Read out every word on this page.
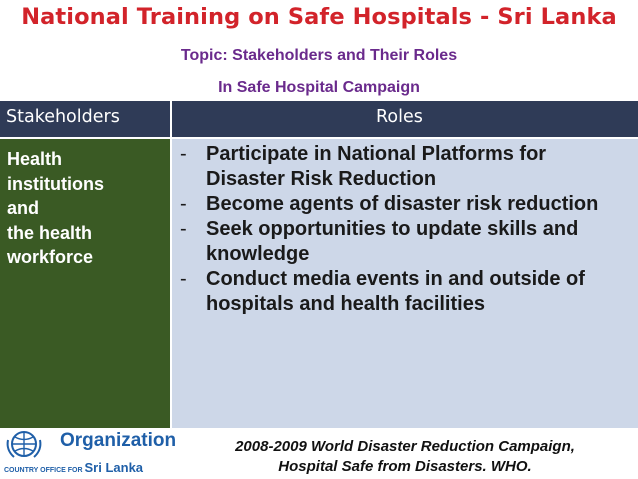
National Training on Safe Hospitals - Sri Lanka
Topic: Stakeholders and Their Roles
In Safe Hospital Campaign
Stakeholders	Roles
Health
institutions
and
the health
workforce
- Participate in National Platforms for Disaster Risk Reduction
- Become agents of disaster risk reduction
- Seek opportunities to update skills and knowledge
- Conduct media events in and outside of hospitals and health facilities
Organization
COUNTRY OFFICE FOR Sri Lanka
2008-2009 World Disaster Reduction Campaign,
Hospital Safe from Disasters. WHO.
